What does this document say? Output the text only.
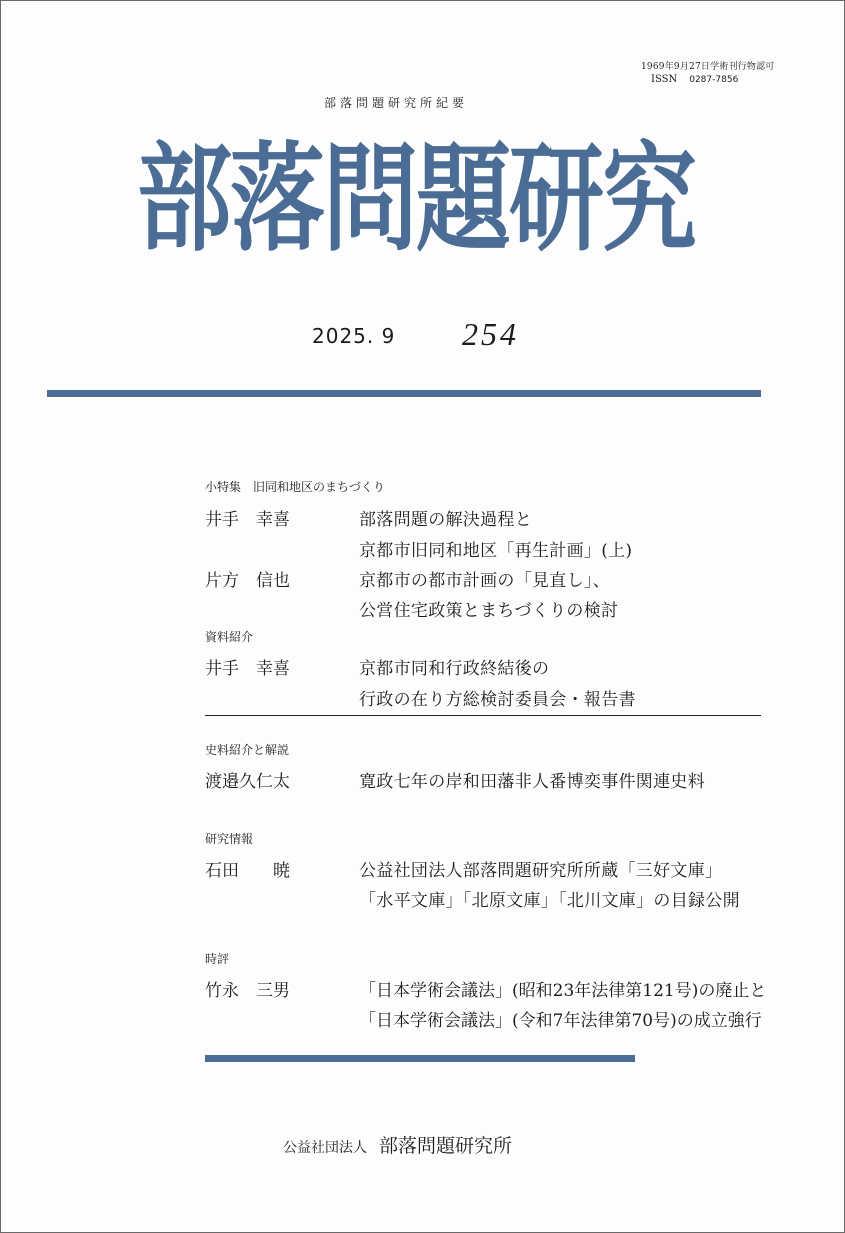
1969年9月27日学術刊行物認可
ISSN 0287-7856
部落問題研究所紀要
部落問題研究
2025. 9 254
小特集　旧同和地区のまちづくり
井手　幸喜	部落問題の解決過程と
京都市旧同和地区「再生計画」(上)
片方　信也	京都市の都市計画の「見直し」、
公営住宅政策とまちづくりの検討
資料紹介
井手　幸喜	京都市同和行政終結後の
行政の在り方総検討委員会・報告書
史料紹介と解説
渡邉久仁太	寛政七年の岸和田藩非人番博奕事件関連史料
研究情報
石田　　暁	公益社団法人部落問題研究所所蔵「三好文庫」
「水平文庫」「北原文庫」「北川文庫」の目録公開
時評
竹永　三男	「日本学術会議法」(昭和23年法律第121号)の廃止と
「日本学術会議法」(令和7年法律第70号)の成立強行
公益社団法人 部落問題研究所
